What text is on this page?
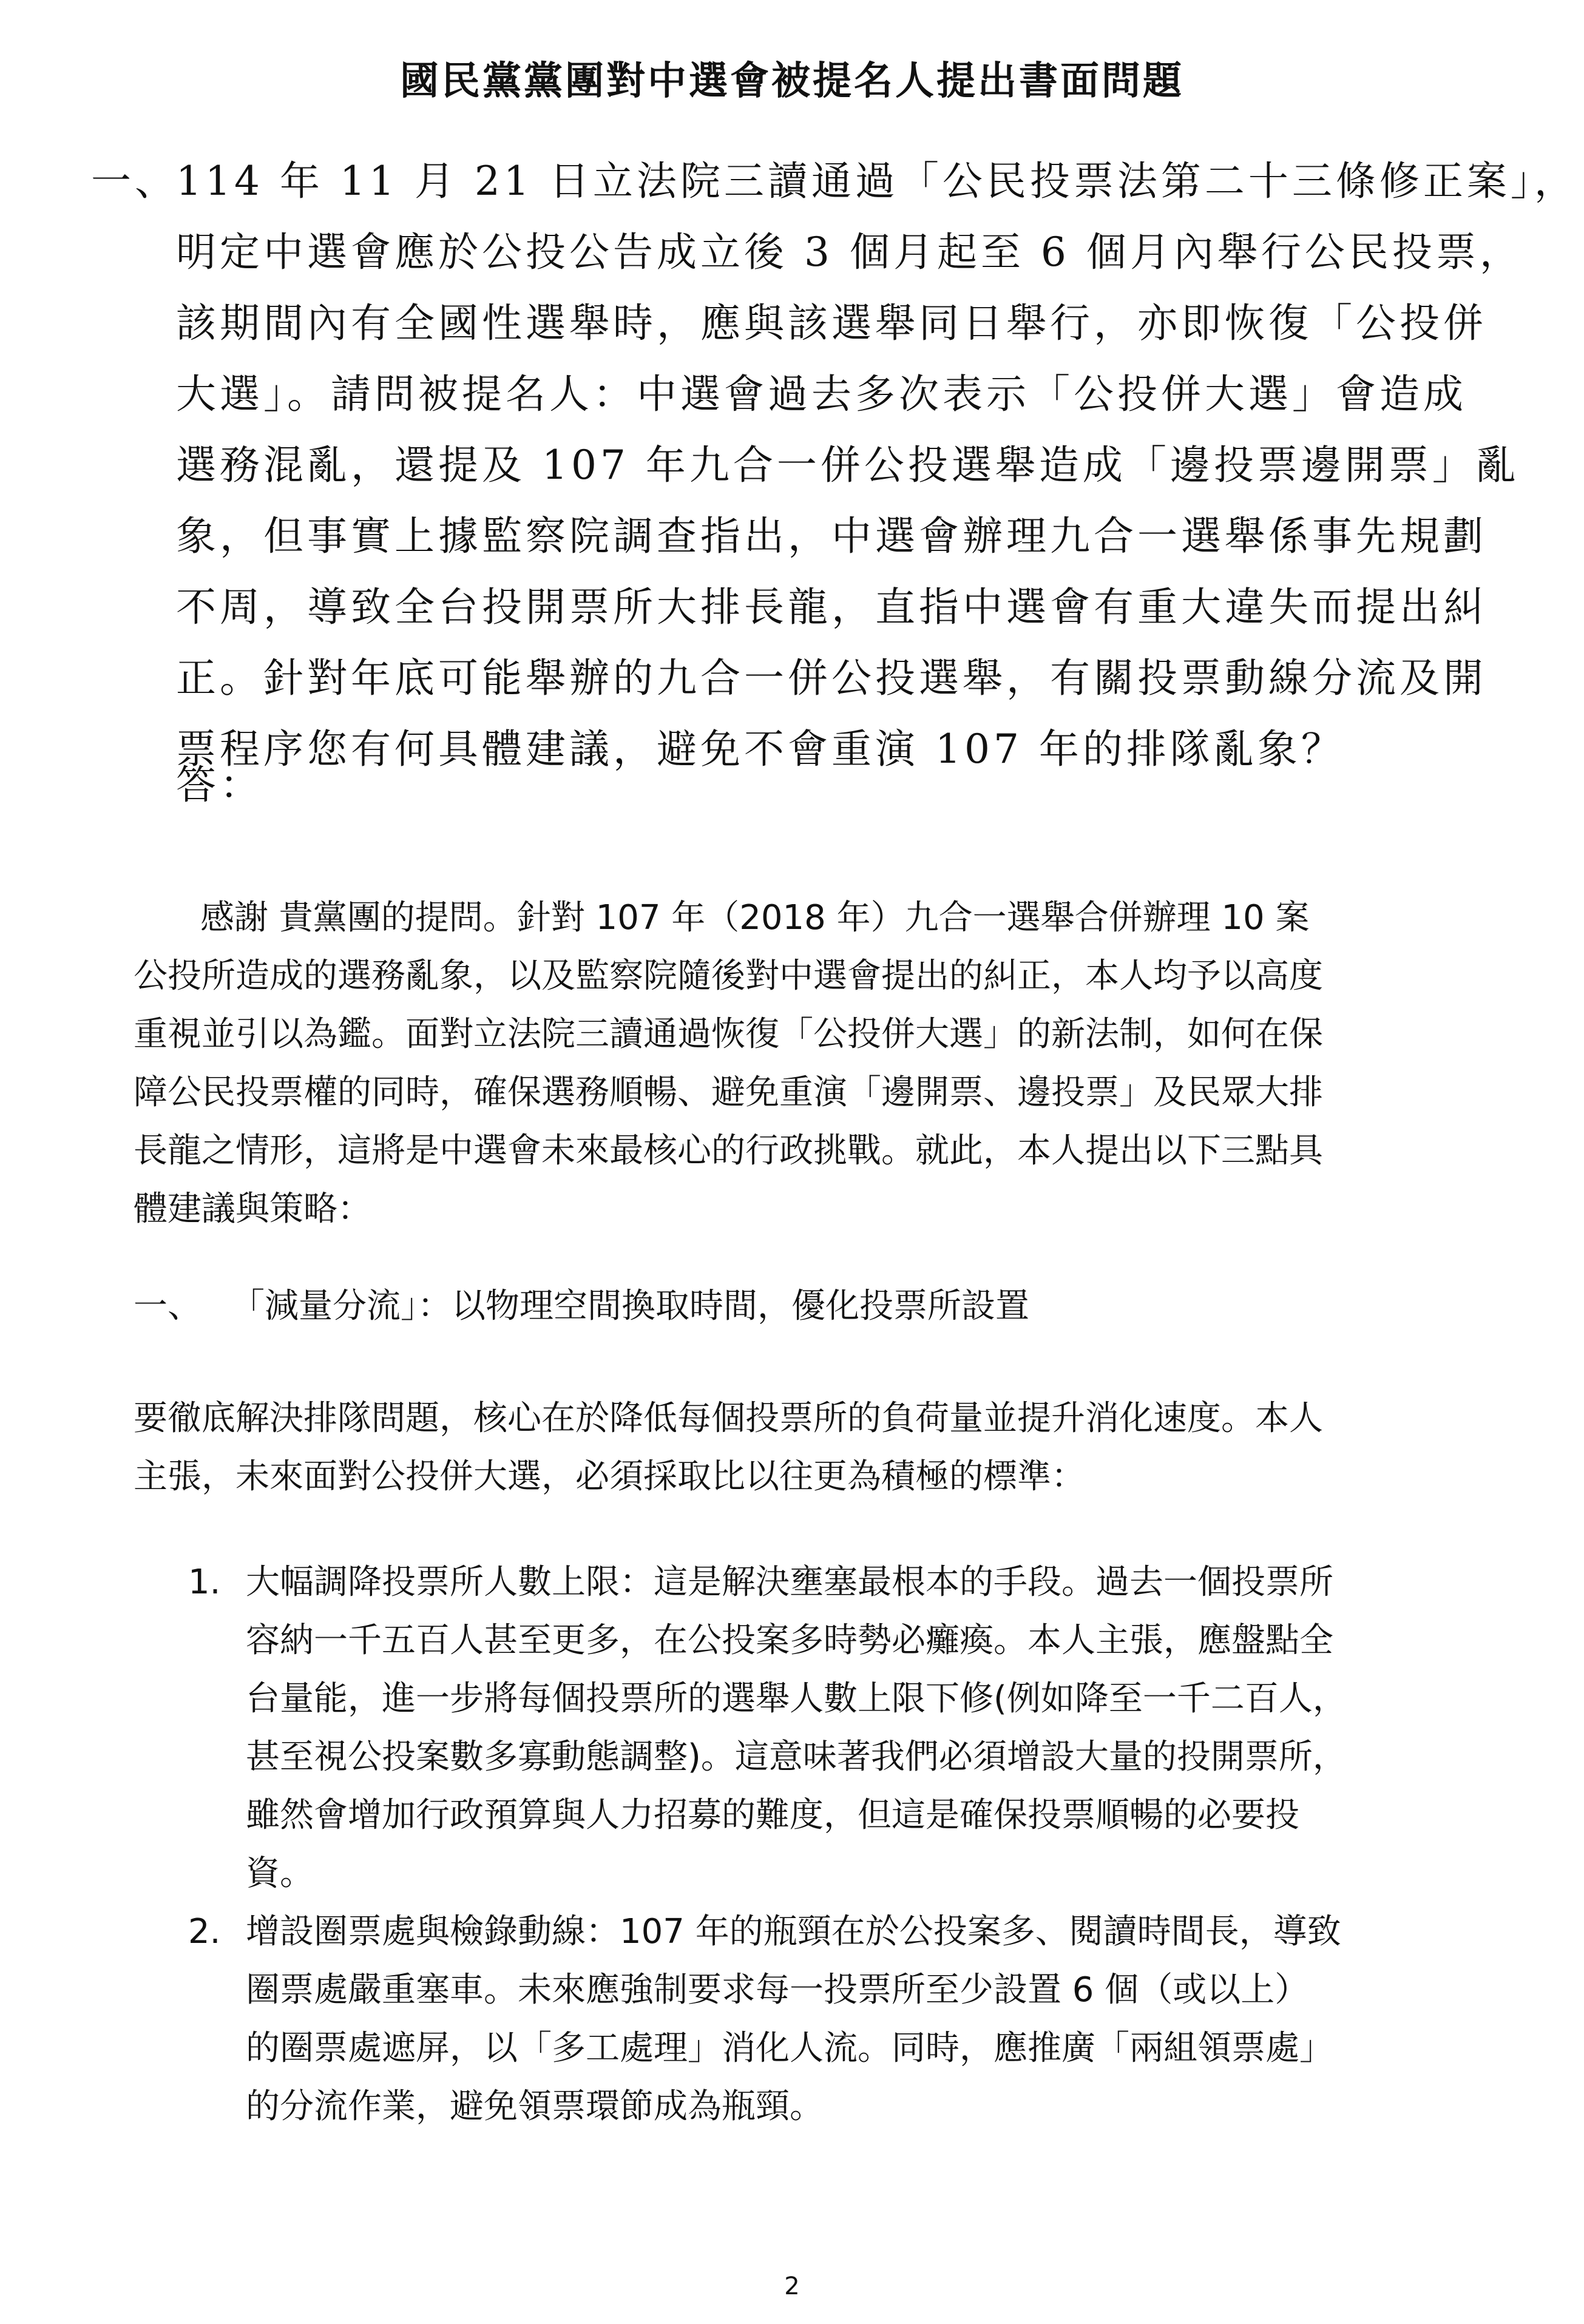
國民黨黨團對中選會被提名人提出書面問題
一、114 年 11 月 21 日立法院三讀通過「公民投票法第二十三條修正案」，
明定中選會應於公投公告成立後 3 個月起至 6 個月內舉行公民投票，
該期間內有全國性選舉時，應與該選舉同日舉行，亦即恢復「公投併
大選」。請問被提名人：中選會過去多次表示「公投併大選」會造成
選務混亂，還提及 107 年九合一併公投選舉造成「邊投票邊開票」亂
象，但事實上據監察院調查指出，中選會辦理九合一選舉係事先規劃
不周，導致全台投開票所大排長龍，直指中選會有重大違失而提出糾
正。針對年底可能舉辦的九合一併公投選舉，有關投票動線分流及開
票程序您有何具體建議，避免不會重演 107 年的排隊亂象？
答：
感謝 貴黨團的提問。針對 107 年（2018 年）九合一選舉合併辦理 10 案
公投所造成的選務亂象，以及監察院隨後對中選會提出的糾正，本人均予以高度
重視並引以為鑑。面對立法院三讀通過恢復「公投併大選」的新法制，如何在保
障公民投票權的同時，確保選務順暢、避免重演「邊開票、邊投票」及民眾大排
長龍之情形，這將是中選會未來最核心的行政挑戰。就此，本人提出以下三點具
體建議與策略：
一、 「減量分流」：以物理空間換取時間，優化投票所設置
要徹底解決排隊問題，核心在於降低每個投票所的負荷量並提升消化速度。本人
主張，未來面對公投併大選，必須採取比以往更為積極的標準：
1. 大幅調降投票所人數上限：這是解決壅塞最根本的手段。過去一個投票所
容納一千五百人甚至更多，在公投案多時勢必癱瘓。本人主張，應盤點全
台量能，進一步將每個投票所的選舉人數上限下修(例如降至一千二百人，
甚至視公投案數多寡動態調整)。這意味著我們必須增設大量的投開票所，
雖然會增加行政預算與人力招募的難度，但這是確保投票順暢的必要投
資。
2. 增設圈票處與檢錄動線：107 年的瓶頸在於公投案多、閱讀時間長，導致
圈票處嚴重塞車。未來應強制要求每一投票所至少設置 6 個（或以上）
的圈票處遮屏，以「多工處理」消化人流。同時，應推廣「兩組領票處」
的分流作業，避免領票環節成為瓶頸。
2
